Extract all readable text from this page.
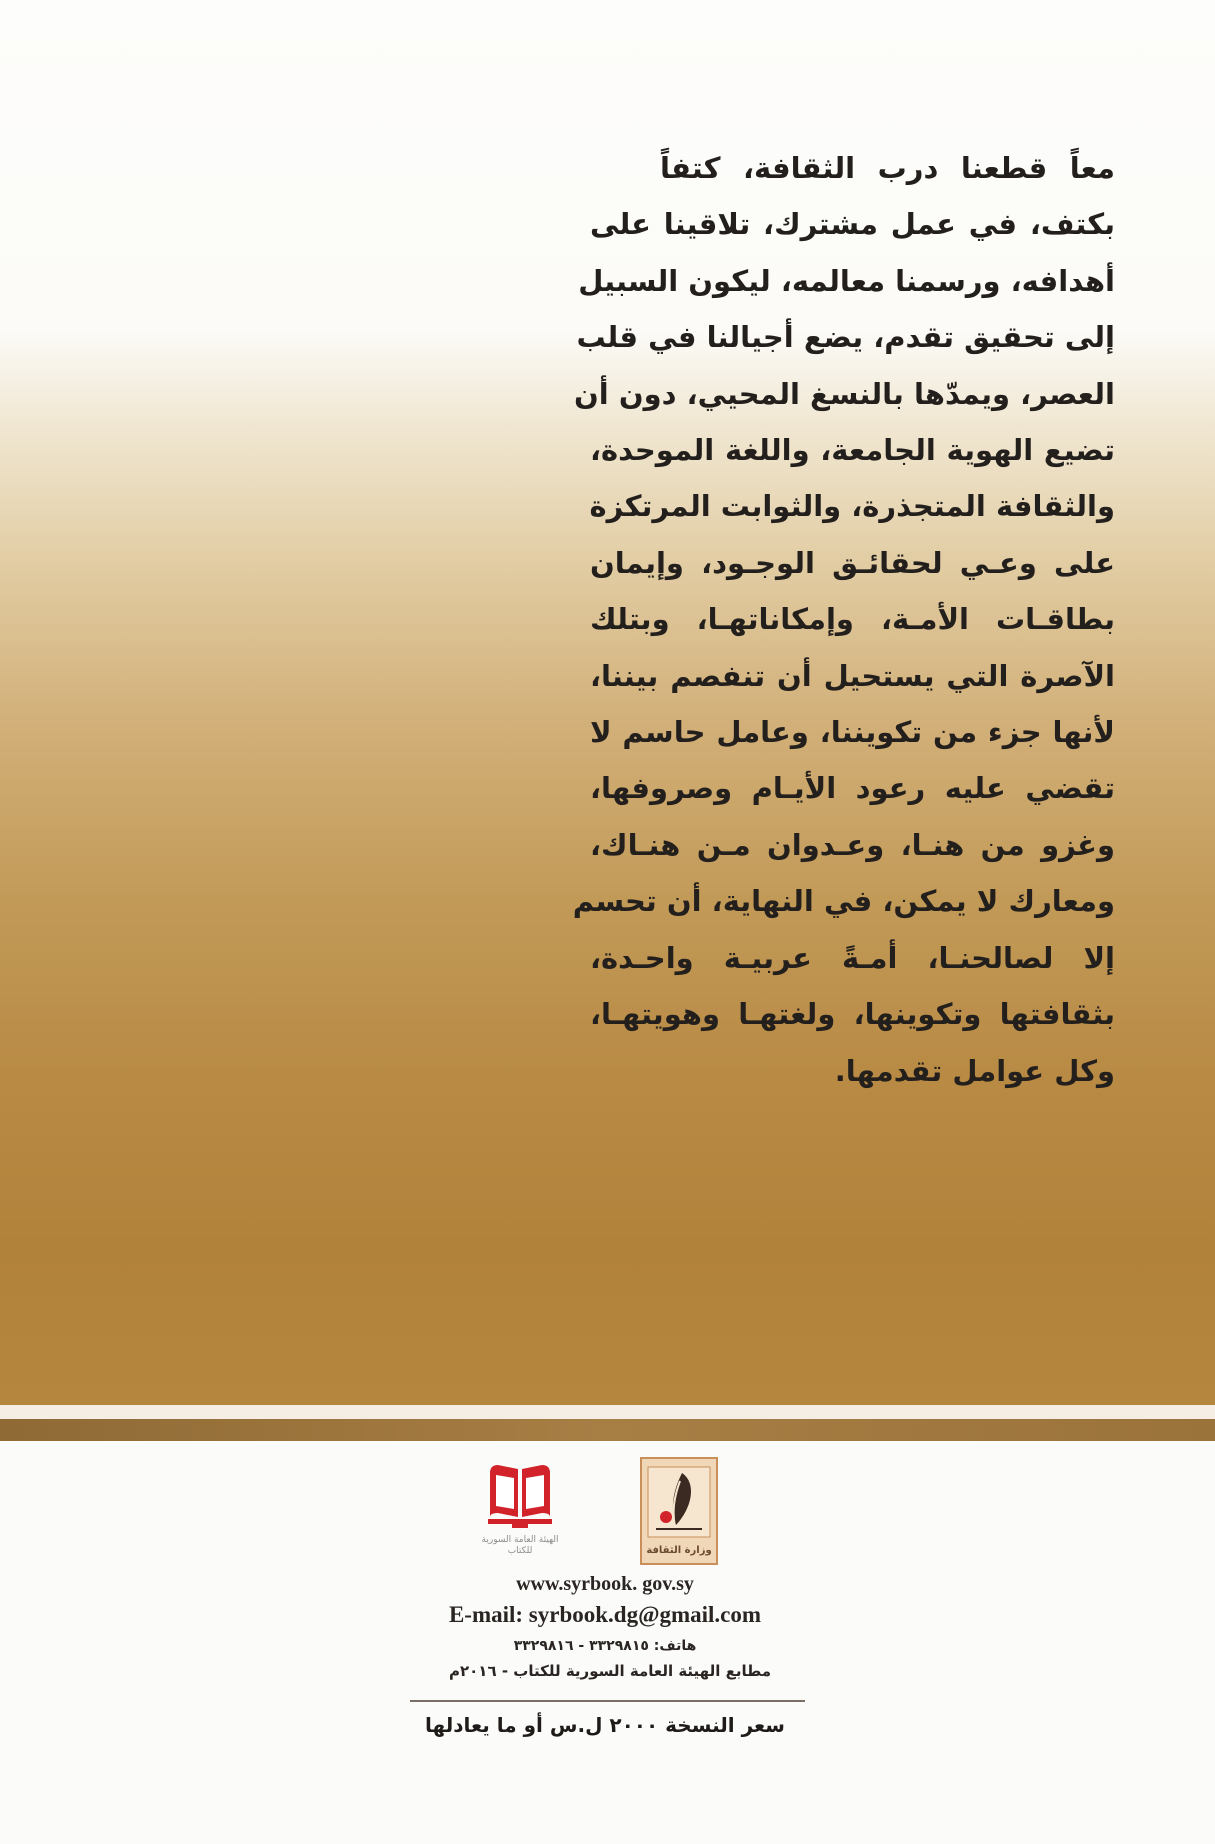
معاً قطعنا درب الثقافة، كتفاً
بكتف، في عمل مشترك، تلاقينا على
أهدافه، ورسمنا معالمه، ليكون السبيل
إلى تحقيق تقدم، يضع أجيالنا في قلب
العصر، ويمدّها بالنسغ المحيي، دون أن
تضيع الهوية الجامعة، واللغة الموحدة،
والثقافة المتجذرة، والثوابت المرتكزة
على وعـي لحقائـق الوجـود، وإيمان
بطاقـات الأمـة، وإمكاناتهـا، وبتلك
الآصرة التي يستحيل أن تنفصم بيننا،
لأنها جزء من تكويننا، وعامل حاسم لا
تقضي عليه رعود الأيـام وصروفها،
وغزو من هنـا، وعـدوان مـن هنـاك،
ومعارك لا يمكن، في النهاية، أن تحسم
إلا لصالحنـا، أمـةً عربيـة واحـدة،
بثقافتها وتكوينها، ولغتهـا وهويتهـا،
وكل عوامل تقدمها.
الهيئة العامة السورية للكتاب	وزارة الثقافة
www.syrbook. gov.sy
E-mail: syrbook.dg@gmail.com
هاتف: ٣٣٢٩٨١٥ - ٣٣٢٩٨١٦
مطابع الهيئة العامة السورية للكتاب - ٢٠١٦م
سعر النسخة ٢٠٠٠ ل.س أو ما يعادلها
